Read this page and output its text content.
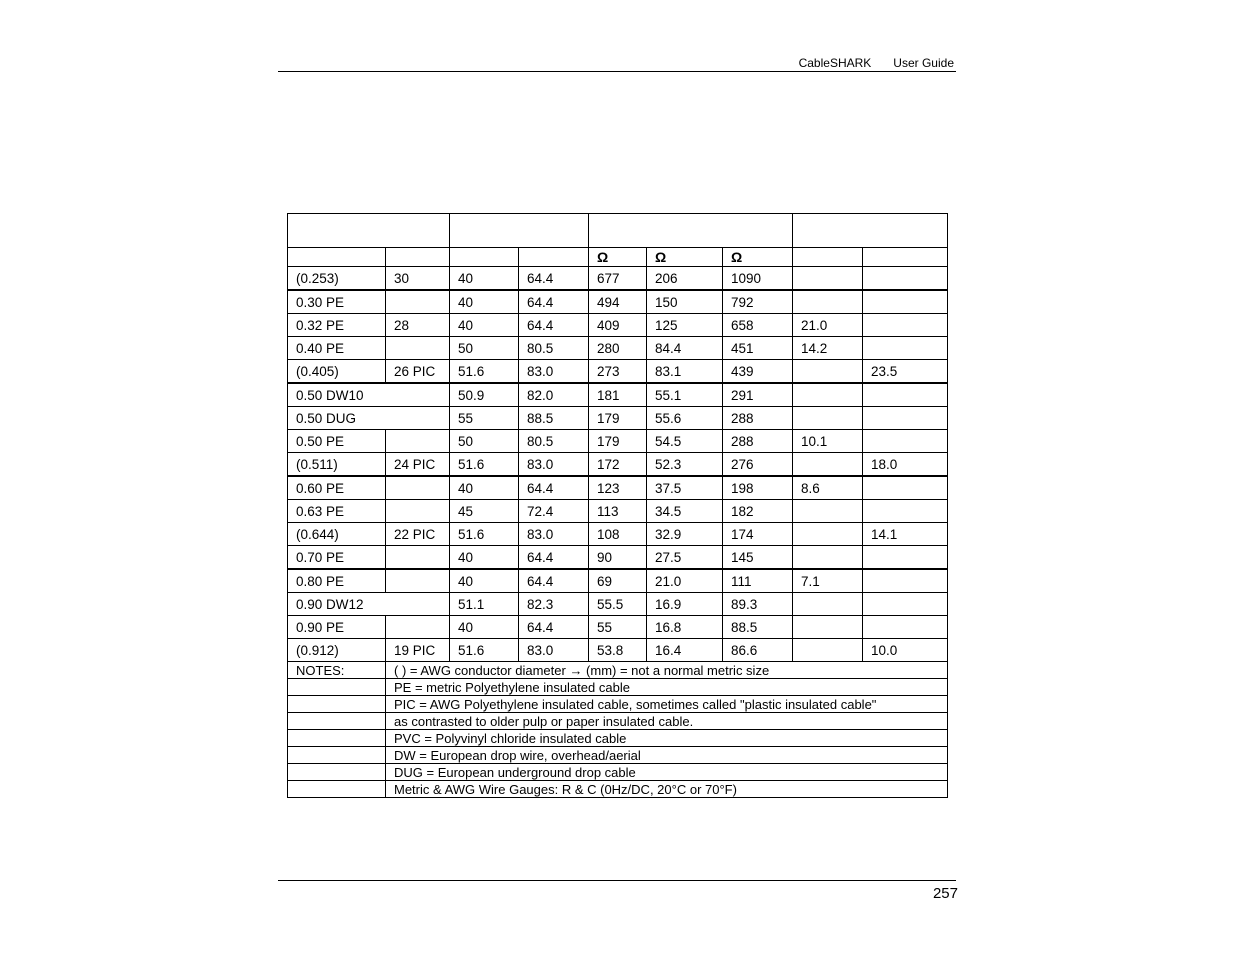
CableSHARK User Guide

				Ω	Ω	Ω		
(0.253)	30	40	64.4	677	206	1090		
0.30 PE		40	64.4	494	150	792		
0.32 PE	28	40	64.4	409	125	658	21.0	
0.40 PE		50	80.5	280	84.4	451	14.2	
(0.405)	26 PIC	51.6	83.0	273	83.1	439		23.5
0.50 DW10		50.9	82.0	181	55.1	291		
0.50 DUG		55	88.5	179	55.6	288		
0.50 PE		50	80.5	179	54.5	288	10.1	
(0.511)	24 PIC	51.6	83.0	172	52.3	276		18.0
0.60 PE		40	64.4	123	37.5	198	8.6	
0.63 PE		45	72.4	113	34.5	182		
(0.644)	22 PIC	51.6	83.0	108	32.9	174		14.1
0.70 PE		40	64.4	90	27.5	145		
0.80 PE		40	64.4	69	21.0	111	7.1	
0.90 DW12		51.1	82.3	55.5	16.9	89.3		
0.90 PE		40	64.4	55	16.8	88.5		
(0.912)	19 PIC	51.6	83.0	53.8	16.4	86.6		10.0
NOTES:	( ) = AWG conductor diameter → (mm) = not a normal metric size							
	PE = metric Polyethylene insulated cable							
	PIC = AWG Polyethylene insulated cable, sometimes called "plastic insulated cable"							
	as contrasted to older pulp or paper insulated cable.							
	PVC = Polyvinyl chloride insulated cable							
	DW = European drop wire, overhead/aerial							
	DUG = European underground drop cable							
	Metric & AWG Wire Gauges: R & C (0Hz/DC, 20°C or 70°F)							
257
